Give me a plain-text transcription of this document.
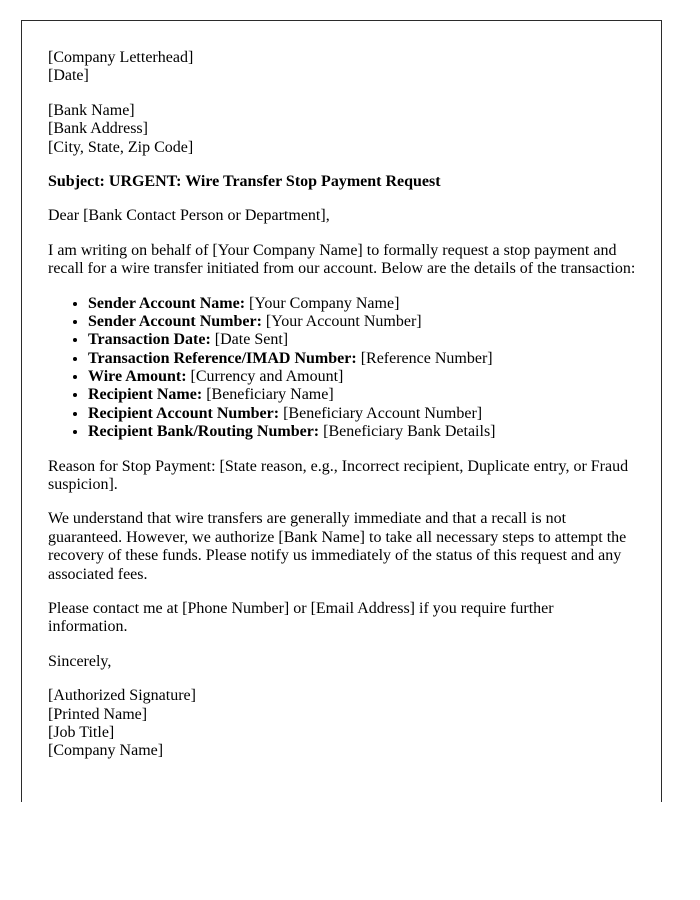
[Company Letterhead]
[Date]
[Bank Name]
[Bank Address]
[City, State, Zip Code]
Subject: URGENT: Wire Transfer Stop Payment Request
Dear [Bank Contact Person or Department],
I am writing on behalf of [Your Company Name] to formally request a stop payment and recall for a wire transfer initiated from our account. Below are the details of the transaction:
• Sender Account Name: [Your Company Name]
• Sender Account Number: [Your Account Number]
• Transaction Date: [Date Sent]
• Transaction Reference/IMAD Number: [Reference Number]
• Wire Amount: [Currency and Amount]
• Recipient Name: [Beneficiary Name]
• Recipient Account Number: [Beneficiary Account Number]
• Recipient Bank/Routing Number: [Beneficiary Bank Details]
Reason for Stop Payment: [State reason, e.g., Incorrect recipient, Duplicate entry, or Fraud suspicion].
We understand that wire transfers are generally immediate and that a recall is not guaranteed. However, we authorize [Bank Name] to take all necessary steps to attempt the recovery of these funds. Please notify us immediately of the status of this request and any associated fees.
Please contact me at [Phone Number] or [Email Address] if you require further information.
Sincerely,
[Authorized Signature]
[Printed Name]
[Job Title]
[Company Name]
